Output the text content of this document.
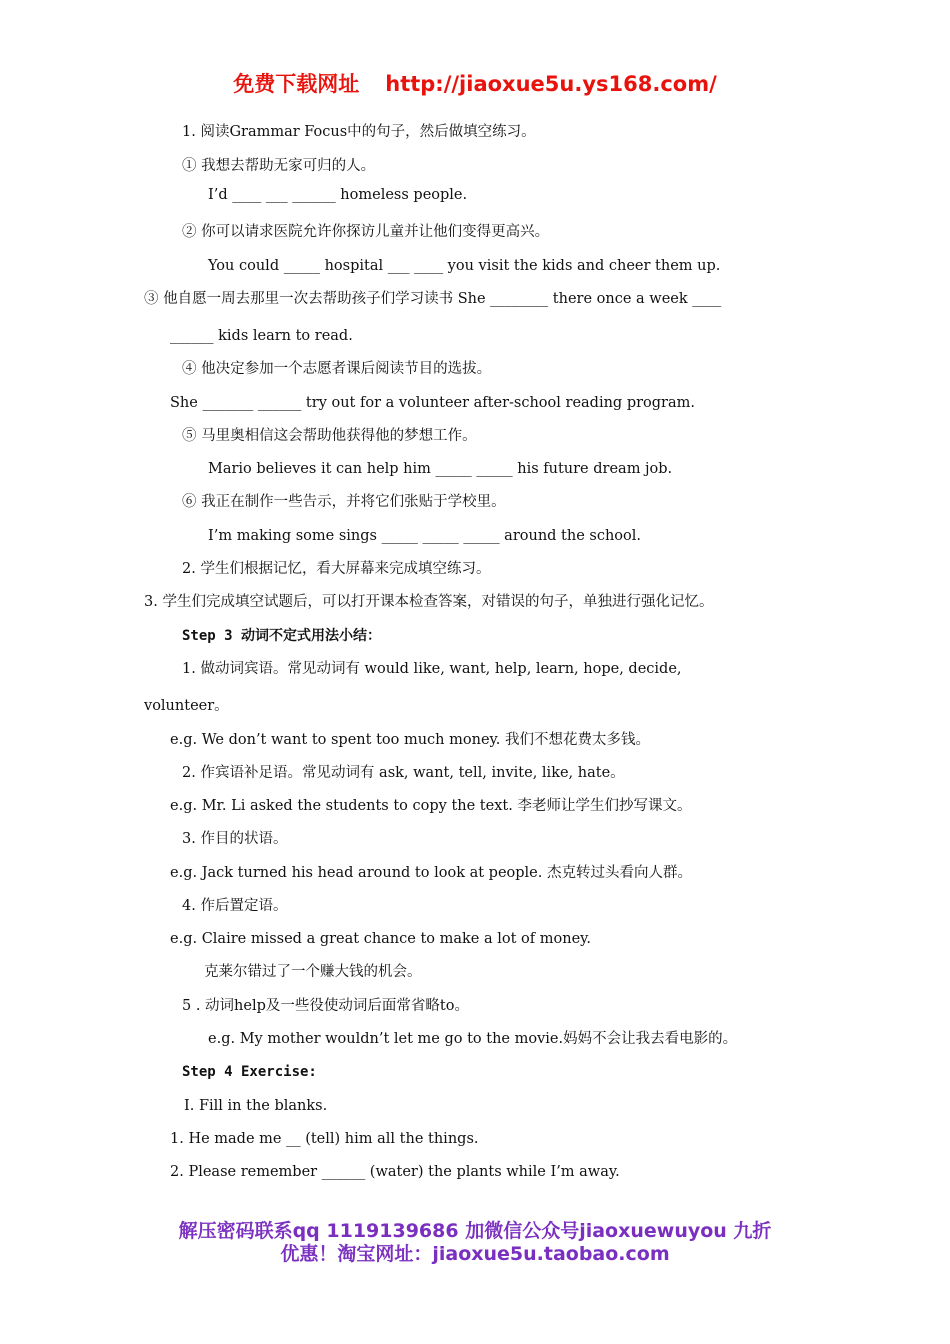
免费下载网址 http://jiaoxue5u.ys168.com/
1. 阅读Grammar Focus中的句子，然后做填空练习。
① 我想去帮助无家可归的人。
I’d ____ ___ ______ homeless people.
② 你可以请求医院允许你探访儿童并让他们变得更高兴。
You could _____ hospital ___ ____ you visit the kids and cheer them up.
③ 他自愿一周去那里一次去帮助孩子们学习读书 She ________ there once a week ____
______ kids learn to read.
④ 他决定参加一个志愿者课后阅读节目的选拔。
She _______ ______ try out for a volunteer after-school reading program.
⑤ 马里奥相信这会帮助他获得他的梦想工作。
Mario believes it can help him _____ _____ his future dream job.
⑥ 我正在制作一些告示，并将它们张贴于学校里。
I’m making some sings _____ _____ _____ around the school.
2. 学生们根据记忆，看大屏幕来完成填空练习。
3. 学生们完成填空试题后，可以打开课本检查答案，对错误的句子，单独进行强化记忆。
Step 3 动词不定式用法小结：
1. 做动词宾语。常见动词有 would like, want, help, learn, hope, decide,
volunteer。
e.g. We don’t want to spent too much money. 我们不想花费太多钱。
2. 作宾语补足语。常见动词有 ask, want, tell, invite, like, hate。
e.g. Mr. Li asked the students to copy the text. 李老师让学生们抄写课文。
3. 作目的状语。
e.g. Jack turned his head around to look at people. 杰克转过头看向人群。
4. 作后置定语。
e.g. Claire missed a great chance to make a lot of money.
克莱尔错过了一个赚大钱的机会。
5 . 动词help及一些役使动词后面常省略to。
e.g. My mother wouldn’t let me go to the movie.妈妈不会让我去看电影的。
Step 4 Exercise:
Ⅰ. Fill in the blanks.
1. He made me __ (tell) him all the things.
2. Please remember ______ (water) the plants while I’m away.
解压密码联系qq 1119139686 加微信公众号jiaoxuewuyou 九折
优惠！淘宝网址：jiaoxue5u.taobao.com
